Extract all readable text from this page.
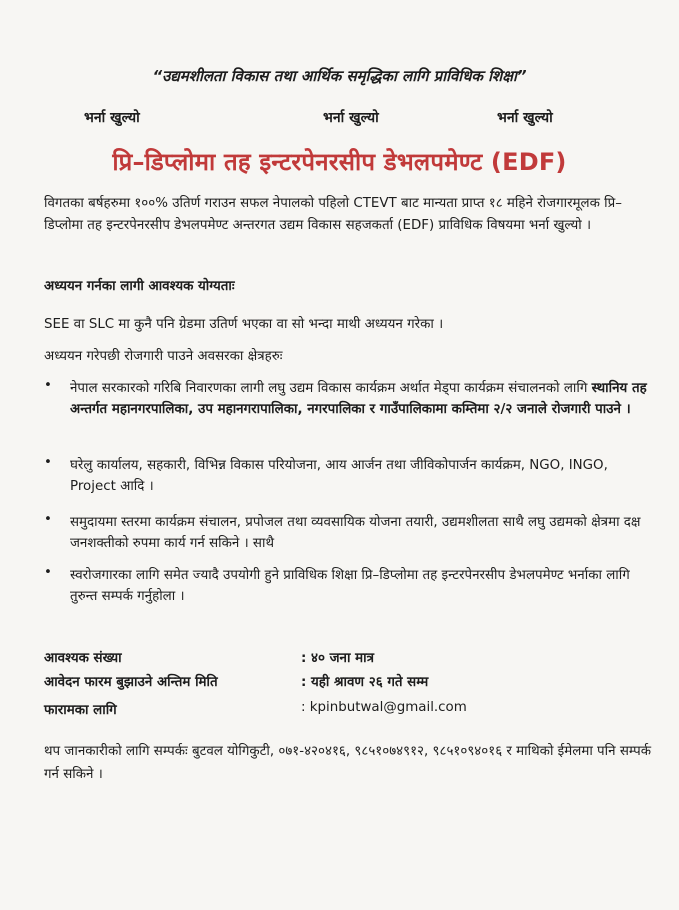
“उद्यमशीलता विकास तथा आर्थिक समृद्धिका लागि प्राविधिक शिक्षा”
भर्ना खुल्यो	भर्ना खुल्यो	भर्ना खुल्यो
प्रि–डिप्लोमा तह इन्टरपेनरसीप डेभलपमेण्ट (EDF)
विगतका बर्षहरुमा १००% उतिर्ण गराउन सफल नेपालको पहिलो CTEVT बाट मान्यता प्राप्त १८ महिने रोजगारमूलक प्रि–डिप्लोमा तह इन्टरपेनरसीप डेभलपमेण्ट अन्तरगत उद्यम विकास सहजकर्ता (EDF) प्राविधिक विषयमा भर्ना खुल्यो ।
अध्ययन गर्नका लागी आवश्यक योग्यताः
SEE वा SLC मा कुनै पनि ग्रेडमा उतिर्ण भएका वा सो भन्दा माथी अध्ययन गरेका ।
अध्ययन गरेपछी रोजगारी पाउने अवसरका क्षेत्रहरुः
• नेपाल सरकारको गरिबि निवारणका लागी लघु उद्यम विकास कार्यक्रम अर्थात मेड्पा कार्यक्रम संचालनको लागि स्थानिय तह अन्तर्गत महानगरपालिका, उप महानगरापालिका, नगरपालिका र गाउँपालिकामा कम्तिमा २/२ जनाले रोजगारी पाउने ।
• घरेलु कार्यालय, सहकारी, विभिन्न विकास परियोजना, आय आर्जन तथा जीविकोपार्जन कार्यक्रम, NGO, INGO, Project आदि ।
• समुदायमा स्तरमा कार्यक्रम संचालन, प्रपोजल तथा व्यवसायिक योजना तयारी, उद्यमशीलता साथै लघु उद्यमको क्षेत्रमा दक्ष जनशक्तीको रुपमा कार्य गर्न सकिने । साथै
• स्वरोजगारका लागि समेत ज्यादै उपयोगी हुने प्राविधिक शिक्षा प्रि–डिप्लोमा तह इन्टरपेनरसीप डेभलपमेण्ट भर्नाका लागि तुरुन्त सम्पर्क गर्नुहोला ।
आवश्यक संख्या	: ४० जना मात्र
आवेदन फारम बुझाउने अन्तिम मिति	: यही श्रावण २६ गते सम्म
फारामका लागि	: kpinbutwal@gmail.com
थप जानकारीको लागि सम्पर्कः बुटवल योगिकुटी, ०७१-४२०४१६, ९८५१०७४९१२, ९८५१०९४०१६ र माथिको ईमेलमा पनि सम्पर्क गर्न सकिने ।
